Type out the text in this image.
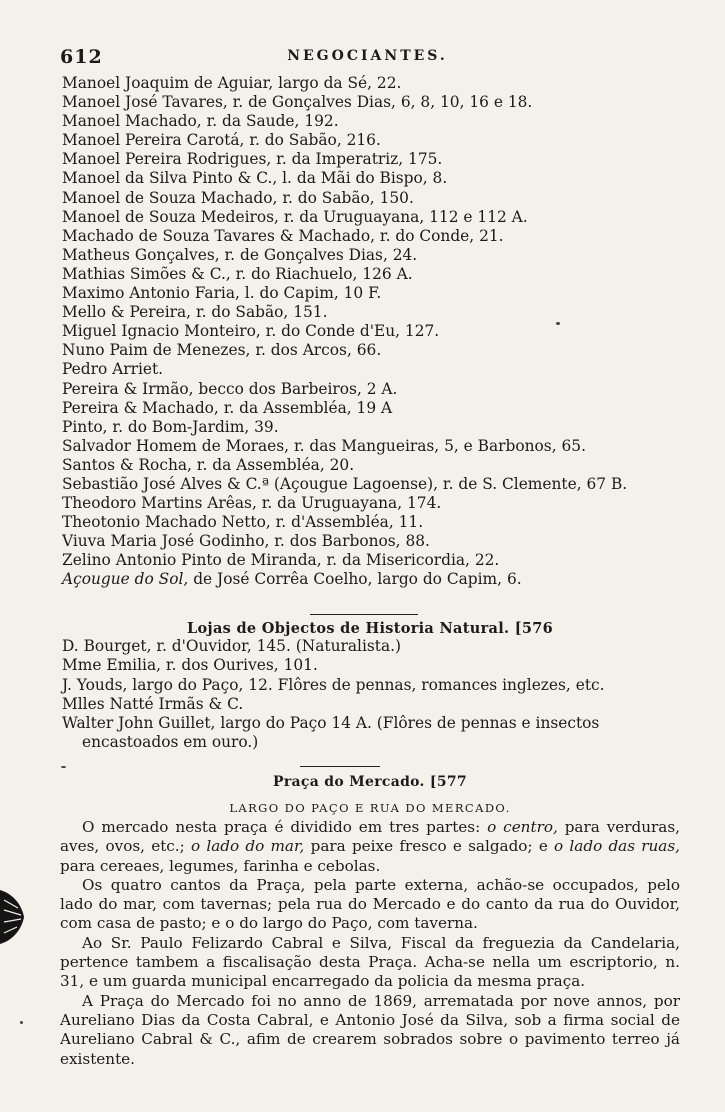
612	NEGOCIANTES.
Manoel Joaquim de Aguiar, largo da Sé, 22.
Manoel José Tavares, r. de Gonçalves Dias, 6, 8, 10, 16 e 18.
Manoel Machado, r. da Saude, 192.
Manoel Pereira Carotá, r. do Sabão, 216.
Manoel Pereira Rodrigues, r. da Imperatriz, 175.
Manoel da Silva Pinto & C., l. da Mãi do Bispo, 8.
Manoel de Souza Machado, r. do Sabão, 150.
Manoel de Souza Medeiros, r. da Uruguayana, 112 e 112 A.
Machado de Souza Tavares & Machado, r. do Conde, 21.
Matheus Gonçalves, r. de Gonçalves Dias, 24.
Mathias Simões & C., r. do Riachuelo, 126 A.
Maximo Antonio Faria, l. do Capim, 10 F.
Mello & Pereira, r. do Sabão, 151.
Miguel Ignacio Monteiro, r. do Conde d'Eu, 127.
Nuno Paim de Menezes, r. dos Arcos, 66.
Pedro Arriet.
Pereira & Irmão, becco dos Barbeiros, 2 A.
Pereira & Machado, r. da Assembléa, 19 A
Pinto, r. do Bom-Jardim, 39.
Salvador Homem de Moraes, r. das Mangueiras, 5, e Barbonos, 65.
Santos & Rocha, r. da Assembléa, 20.
Sebastião José Alves & C.ª (Açougue Lagoense), r. de S. Clemente, 67 B.
Theodoro Martins Arêas, r. da Uruguayana, 174.
Theotonio Machado Netto, r. d'Assembléa, 11.
Viuva Maria José Godinho, r. dos Barbonos, 88.
Zelino Antonio Pinto de Miranda, r. da Misericordia, 22.
Açougue do Sol, de José Corrêa Coelho, largo do Capim, 6.
Lojas de Objectos de Historia Natural. [576
D. Bourget, r. d'Ouvidor, 145. (Naturalista.)
Mme Emilia, r. dos Ourives, 101.
J. Youds, largo do Paço, 12. Flôres de pennas, romances inglezes, etc.
Mlles Natté Irmãs & C.
Walter John Guillet, largo do Paço 14 A. (Flôres de pennas e insectos encastoados em ouro.)
Praça do Mercado. [577
LARGO DO PAÇO E RUA DO MERCADO.

O mercado nesta praça é dividido em tres partes: o centro, para verduras, aves, ovos, etc.; o lado do mar, para peixe fresco e salgado; e o lado das ruas, para cereaes, legumes, farinha e cebolas.

Os quatro cantos da Praça, pela parte externa, achão-se occupados, pelo lado do mar, com tavernas; pela rua do Mercado e do canto da rua do Ouvidor, com casa de pasto; e o do largo do Paço, com taverna.

Ao Sr. Paulo Felizardo Cabral e Silva, Fiscal da freguezia da Candelaria, pertence tambem a fiscalisação desta Praça. Acha-se nella um escriptorio, n. 31, e um guarda municipal encarregado da policia da mesma praça.

A Praça do Mercado foi no anno de 1869, arrematada por nove annos, por Aureliano Dias da Costa Cabral, e Antonio José da Silva, sob a firma social de Aureliano Cabral & C., afim de crearem sobrados sobre o pavimento terreo já existente.
